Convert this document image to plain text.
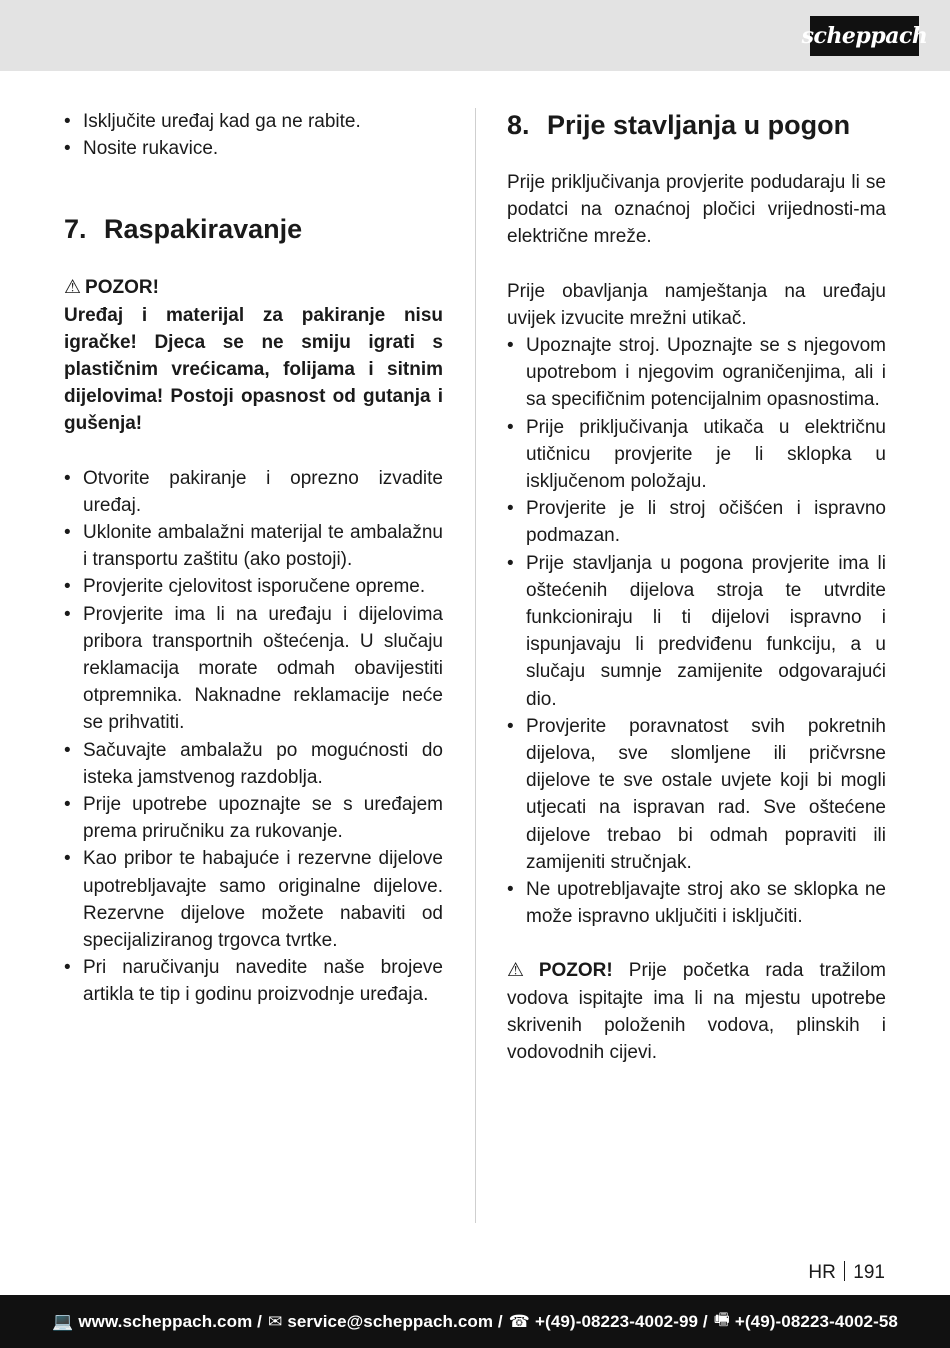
scheppach
• Isključite uređaj kad ga ne rabite.
• Nosite rukavice.
7. Raspakiravanje
⚠ POZOR!

Uređaj i materijal za pakiranje nisu igračke! Djeca se ne smiju igrati s plastičnim vrećicama, folijama i sitnim dijelovima! Postoji opasnost od gutanja i gušenja!

• Otvorite pakiranje i oprezno izvadite uređaj.
• Uklonite ambalažni materijal te ambalažnu i transportu zaštitu (ako postoji).
• Provjerite cjelovitost isporučene opreme.
• Provjerite ima li na uređaju i dijelovima pribora transportnih oštećenja. U slučaju reklamacija morate odmah obavijestiti otpremnika. Naknadne reklamacije neće se prihvatiti.
• Sačuvajte ambalažu po mogućnosti do isteka jamstvenog razdoblja.
• Prije upotrebe upoznajte se s uređajem prema priručniku za rukovanje.
• Kao pribor te habajuće i rezervne dijelove upotrebljavajte samo originalne dijelove. Rezervne dijelove možete nabaviti od specijaliziranog trgovca tvrtke.
• Pri naručivanju navedite naše brojeve artikla te tip i godinu proizvodnje uređaja.
8. Prije stavljanja u pogon

Prije priključivanja provjerite podudaraju li se podatci na oznaćnoj pločici vrijednosti-ma električne mreže.

Prije obavljanja namještanja na uređaju uvijek izvucite mrežni utikač.

• Upoznajte stroj. Upoznajte se s njegovom upotrebom i njegovim ograničenjima, ali i sa specifičnim potencijalnim opasnostima.
• Prije priključivanja utikača u električnu utičnicu provjerite je li sklopka u isključenom položaju.
• Provjerite je li stroj očišćen i ispravno podmazan.
• Prije stavljanja u pogona provjerite ima li oštećenih dijelova stroja te utvrdite funkcioniraju li ti dijelovi ispravno i ispunjavaju li predviđenu funkciju, a u slučaju sumnje zamijenite odgovarajući dio.
• Provjerite poravnatost svih pokretnih dijelova, sve slomljene ili pričvrsne dijelove te sve ostale uvjete koji bi mogli utjecati na ispravan rad. Sve oštećene dijelove trebao bi odmah popraviti ili zamijeniti stručnjak.
• Ne upotrebljavajte stroj ako se sklopka ne može ispravno uključiti i isključiti.

⚠ POZOR! Prije početka rada tražilom vodova ispitajte ima li na mjestu upotrebe skrivenih položenih vodova, plinskih i vodovodnih cijevi.

HR 191
💻 www.scheppach.com / ✉ service@scheppach.com / ☎ +(49)-08223-4002-99 / 🖷 +(49)-08223-4002-58
